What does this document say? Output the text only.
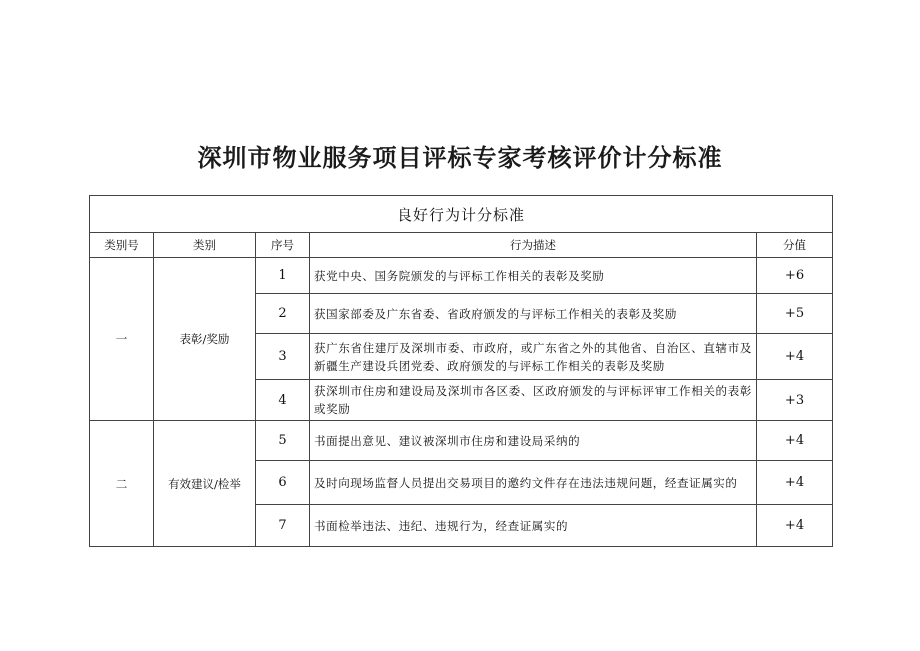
深圳市物业服务项目评标专家考核评价计分标准
良好行为计分标准				
类别号	类别	序号	行为描述	分值
一	表彰/奖励	1	获党中央、国务院颁发的与评标工作相关的表彰及奖励	+6
		2	获国家部委及广东省委、省政府颁发的与评标工作相关的表彰及奖励	+5
		3	获广东省住建厅及深圳市委、市政府，或广东省之外的其他省、自治区、直辖市及新疆生产建设兵团党委、政府颁发的与评标工作相关的表彰及奖励	+4
		4	获深圳市住房和建设局及深圳市各区委、区政府颁发的与评标评审工作相关的表彰或奖励	+3
二	有效建议/检举	5	书面提出意见、建议被深圳市住房和建设局采纳的	+4
		6	及时向现场监督人员提出交易项目的邀约文件存在违法违规问题，经查证属实的	+4
		7	书面检举违法、违纪、违规行为，经查证属实的	+4
